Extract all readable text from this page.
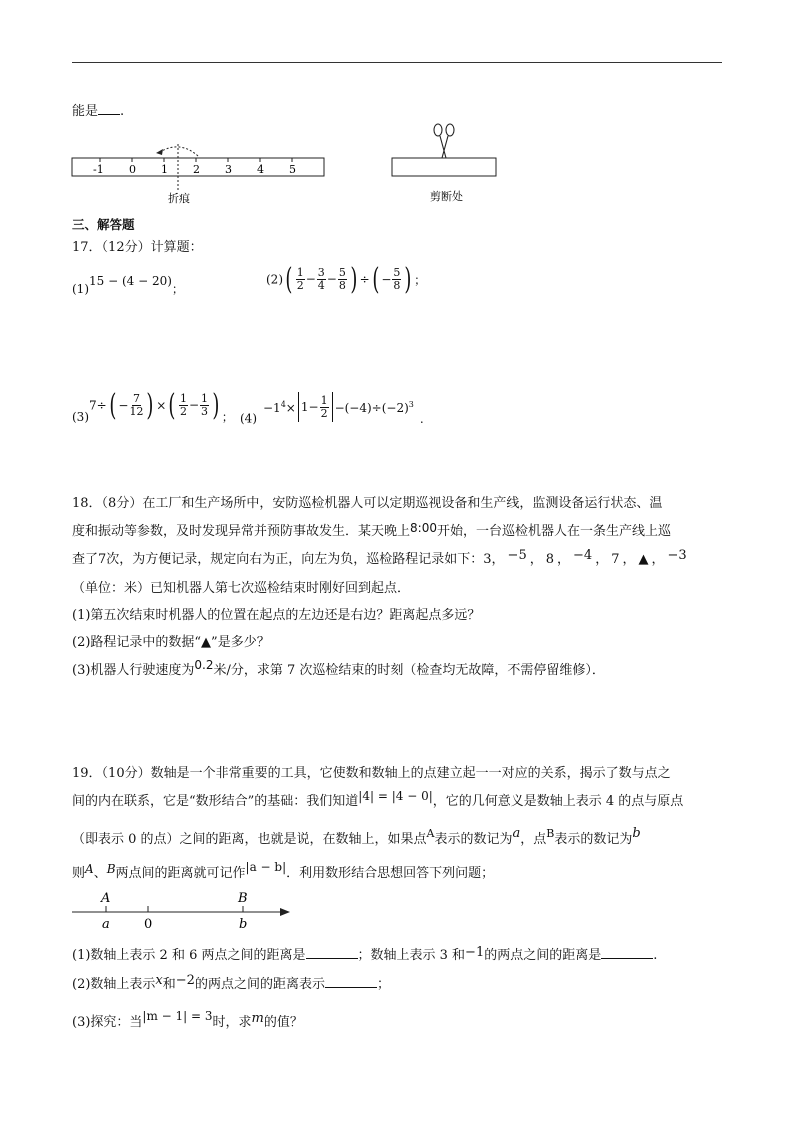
能是 .
-1 0 1 2 3 4 5
折痕	剪断处
三、解答题
17．（12分）计算题：
(1)15 − (4 − 20)；
$(2)( \frac{1}{2} - \frac{3}{4} - \frac{5}{8}$ ) ÷( − $\frac{5}{8}$ ) ；
$(3)7\div( - \frac{7}{12}$ ) ×( $\frac{1}{2} - \frac{1}{3}$ ) ； $(4)-1^4\times 1- \frac{1}{2} -(-4)\div(-2)^3$.
18．（8分）在工厂和生产场所中，安防巡检机器人可以定期巡视设备和生产线，监测设备运行状态、温
度和振动等参数，及时发现异常并预防事故发生．某天晚上8:00开始，一台巡检机器人在一条生产线上巡
查了7次，为方便记录，规定向右为正，向左为负，巡检路程记录如下：3， −5 ， 8 ， −4 ， 7 ， ▲ ， −3
（单位：米）已知机器人第七次巡检结束时刚好回到起点．
(1)第五次结束时机器人的位置在起点的左边还是右边？距离起点多远？
(2)路程记录中的数据“▲”是多少？
(3)机器人行驶速度为0.2米/分，求第 7 次巡检结束的时刻（检查均无故障，不需停留维修）．
19．（10分）数轴是一个非常重要的工具，它使数和数轴上的点建立起一一对应的关系，揭示了数与点之
间的内在联系，它是“数形结合”的基础：我们知道|4| = |4 − 0|，它的几何意义是数轴上表示 4 的点与原点
（即表示 0 的点）之间的距离，也就是说，在数轴上，如果点$^A$表示的数记为a，点$^B$表示的数记为b
则A、B两点间的距离就可记作|a − b|．利用数形结合思想回答下列问题；
A	B
a	0	b
(1)数轴上表示 2 和 6 两点之间的距离是	；数轴上表示 3 和−1的两点之间的距离是	.
(2)数轴上表示x和−2的两点之间的距离表示	；
(3)探究：当|m − 1| = 3时，求m的值？
